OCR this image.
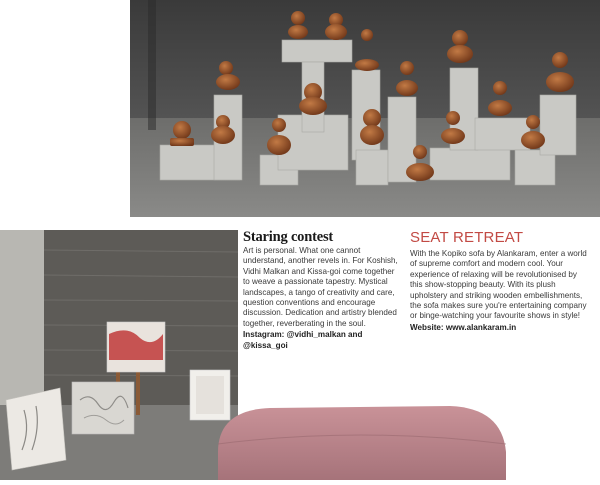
Staring contest

Art is personal. What one cannot understand, another revels in. For Koshish, Vidhi Malkan and Kissa-goi come together to weave a passionate tapestry. Mystical landscapes, a tango of creativity and care, question conventions and encourage discussion. Dedication and artistry blended together, reverberating in the soul.

Instagram: @vidhi_malkan and @kissa_goi

SEAT RETREAT

With the Kopiko sofa by Alankaram, enter a world of supreme comfort and modern cool. Your experience of relaxing will be revolutionised by this show-stopping beauty. With its plush upholstery and striking wooden embellishments, the sofa makes sure you're entertaining company or binge-watching your favourite shows in style!

Website: www.alankaram.in
